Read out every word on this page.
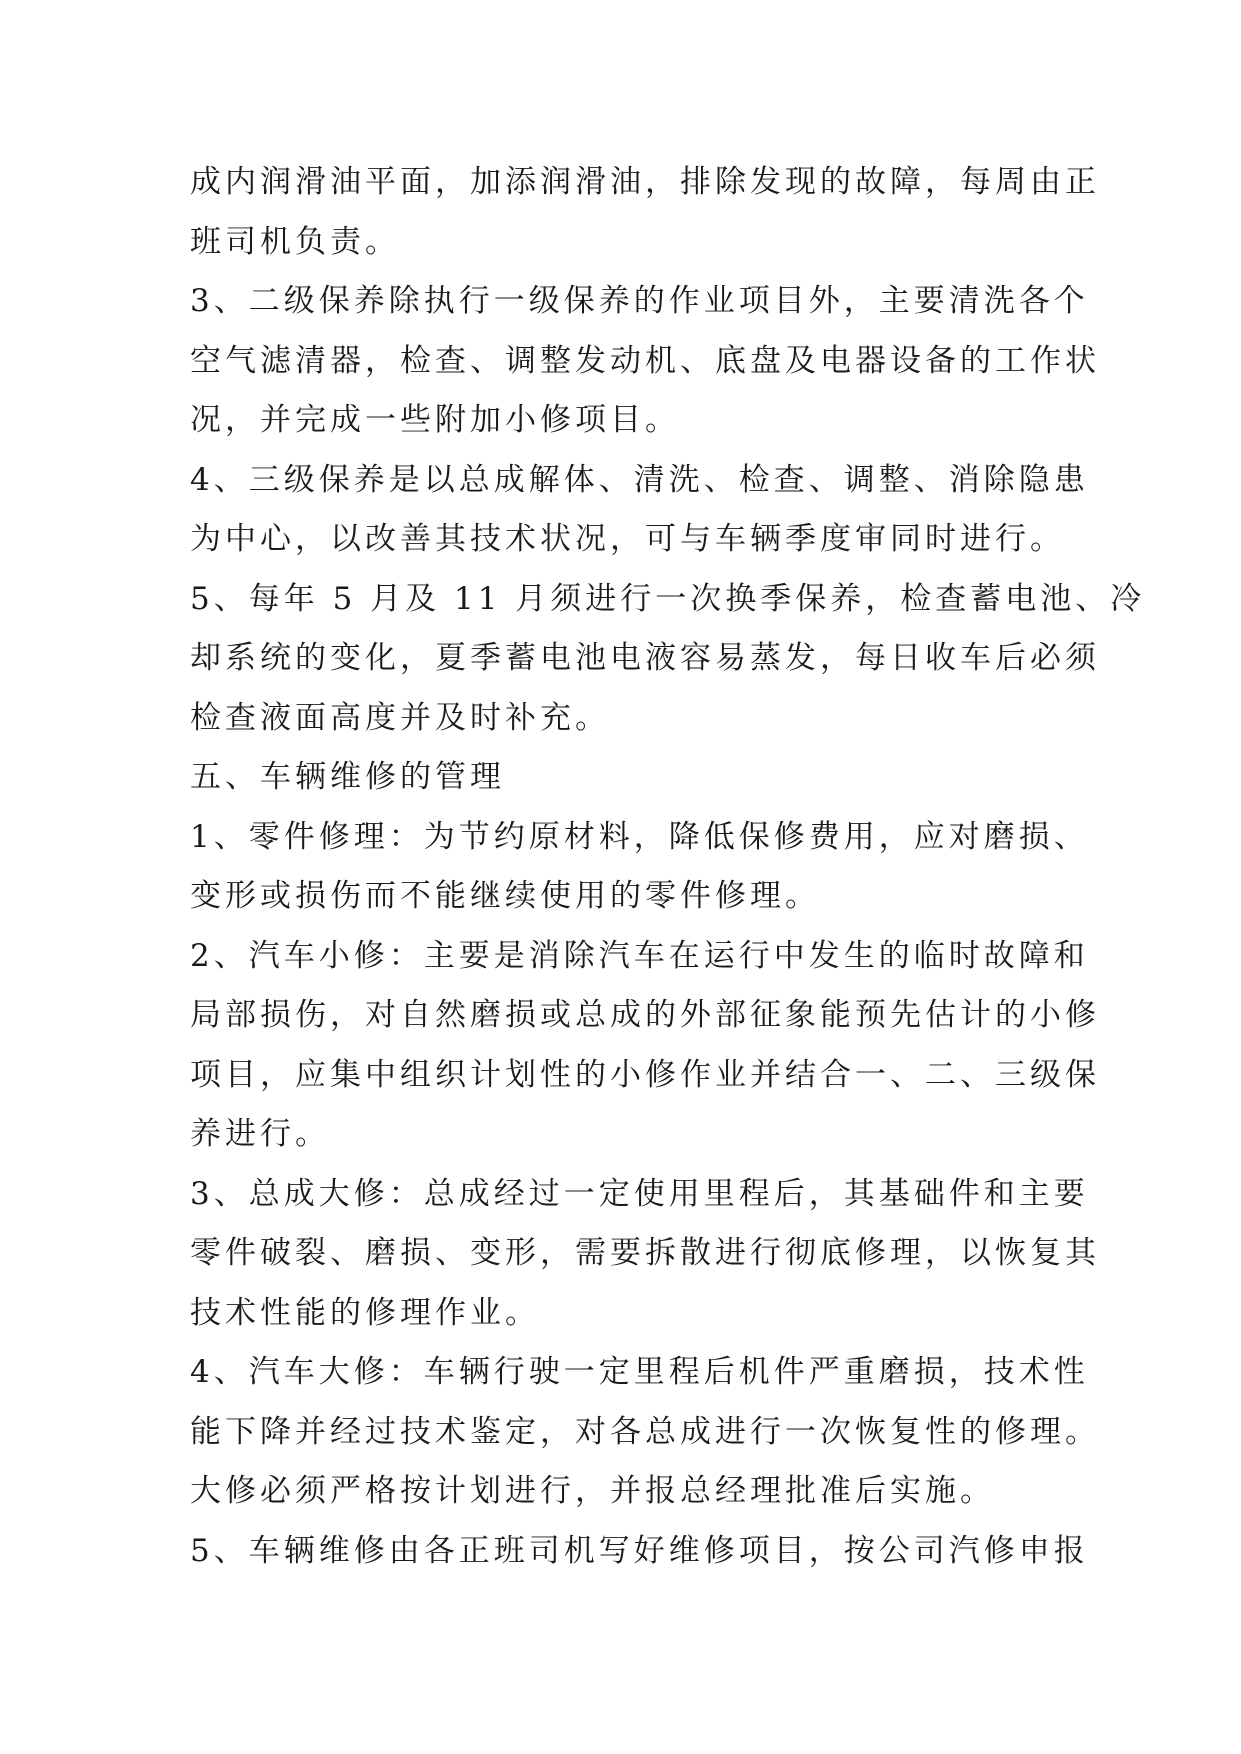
成内润滑油平面，加添润滑油，排除发现的故障，每周由正
班司机负责。
3、二级保养除执行一级保养的作业项目外，主要清洗各个
空气滤清器，检查、调整发动机、底盘及电器设备的工作状
况，并完成一些附加小修项目。
4、三级保养是以总成解体、清洗、检查、调整、消除隐患
为中心，以改善其技术状况，可与车辆季度审同时进行。
5、每年 5 月及 11 月须进行一次换季保养，检查蓄电池、冷
却系统的变化，夏季蓄电池电液容易蒸发，每日收车后必须
检查液面高度并及时补充。
五、车辆维修的管理
1、零件修理：为节约原材料，降低保修费用，应对磨损、
变形或损伤而不能继续使用的零件修理。
2、汽车小修：主要是消除汽车在运行中发生的临时故障和
局部损伤，对自然磨损或总成的外部征象能预先估计的小修
项目，应集中组织计划性的小修作业并结合一、二、三级保
养进行。
3、总成大修：总成经过一定使用里程后，其基础件和主要
零件破裂、磨损、变形，需要拆散进行彻底修理，以恢复其
技术性能的修理作业。
4、汽车大修：车辆行驶一定里程后机件严重磨损，技术性
能下降并经过技术鉴定，对各总成进行一次恢复性的修理。
大修必须严格按计划进行，并报总经理批准后实施。
5、车辆维修由各正班司机写好维修项目，按公司汽修申报
